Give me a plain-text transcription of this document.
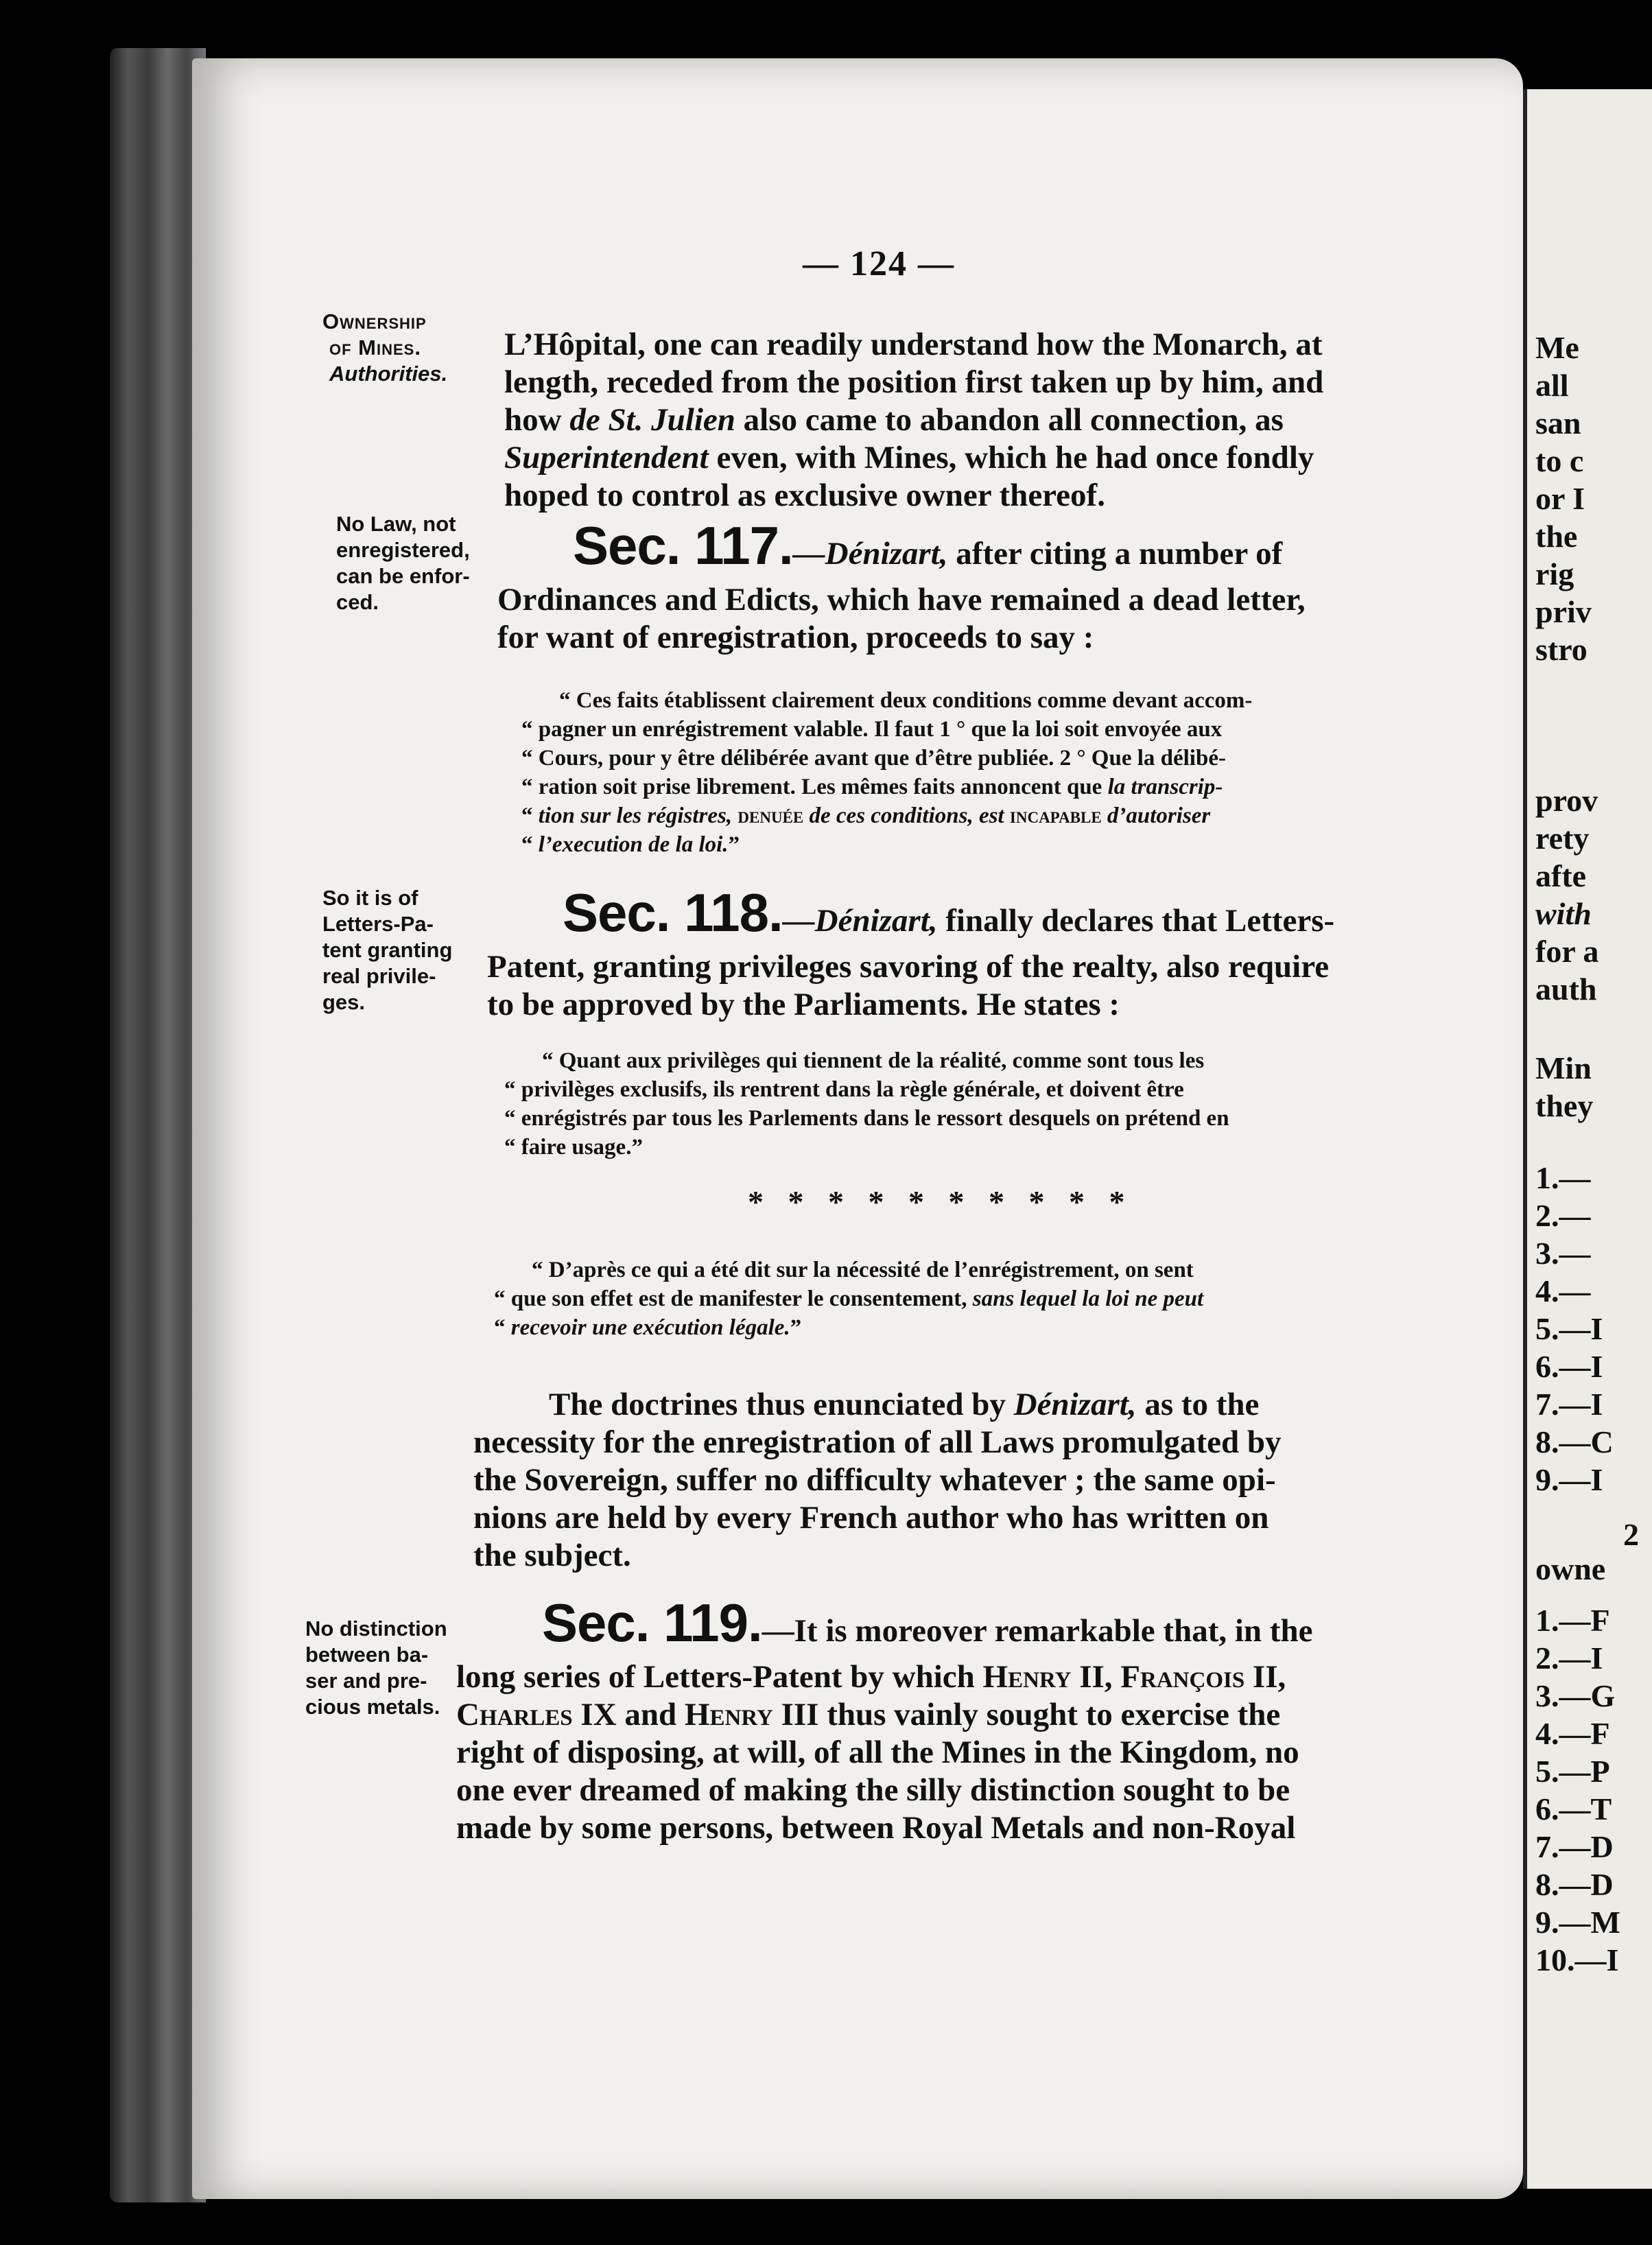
Me
all
san
to c
or I
the
rig
priv
stro
prov
rety
afte
with
for a
auth
Min
they
1.—
2.—
3.—
4.—
5.—I
6.—I
7.—I
8.—C
9.—I
2
owne
1.—F
2.—I
3.—G
4.—F
5.—P
6.—T
7.—D
8.—D
9.—M
10.—I
— 124 —
Ownership
of Mines.
Authorities.
No Law, not
enregistered,
can be enfor-
ced.
So it is of
Letters-Pa-
tent granting
real privile-
ges.
No distinction
between ba-
ser and pre-
cious metals.
L’Hôpital, one can readily understand how the Monarch, at
length, receded from the position first taken up by him, and
how de St. Julien also came to abandon all connection, as
Superintendent even, with Mines, which he had once fondly
hoped to control as exclusive owner thereof.
Sec. 117.—Dénizart, after citing a number of
Ordinances and Edicts, which have remained a dead letter,
for want of enregistration, proceeds to say :
“ Ces faits établissent clairement deux conditions comme devant accom-
“ pagner un enrégistrement valable. Il faut 1 ° que la loi soit envoyée aux
“ Cours, pour y être délibérée avant que d’être publiée. 2 ° Que la délibé-
“ ration soit prise librement. Les mêmes faits annoncent que la transcrip-
“ tion sur les régistres, denuée de ces conditions, est incapable d’autoriser
“ l’execution de la loi.”
Sec. 118.—Dénizart, finally declares that Letters-
Patent, granting privileges savoring of the realty, also require
to be approved by the Parliaments. He states :
“ Quant aux privilèges qui tiennent de la réalité, comme sont tous les
“ privilèges exclusifs, ils rentrent dans la règle générale, et doivent être
“ enrégistrés par tous les Parlements dans le ressort desquels on prétend en
“ faire usage.”
* * * * * * * * * *
“ D’après ce qui a été dit sur la nécessité de l’enrégistrement, on sent
“ que son effet est de manifester le consentement, sans lequel la loi ne peut
“ recevoir une exécution légale.”
The doctrines thus enunciated by Dénizart, as to the
necessity for the enregistration of all Laws promulgated by
the Sovereign, suffer no difficulty whatever ; the same opi-
nions are held by every French author who has written on
the subject.
Sec. 119.—It is moreover remarkable that, in the
long series of Letters-Patent by which Henry II, François II,
Charles IX and Henry III thus vainly sought to exercise the
right of disposing, at will, of all the Mines in the Kingdom, no
one ever dreamed of making the silly distinction sought to be
made by some persons, between Royal Metals and non-Royal
